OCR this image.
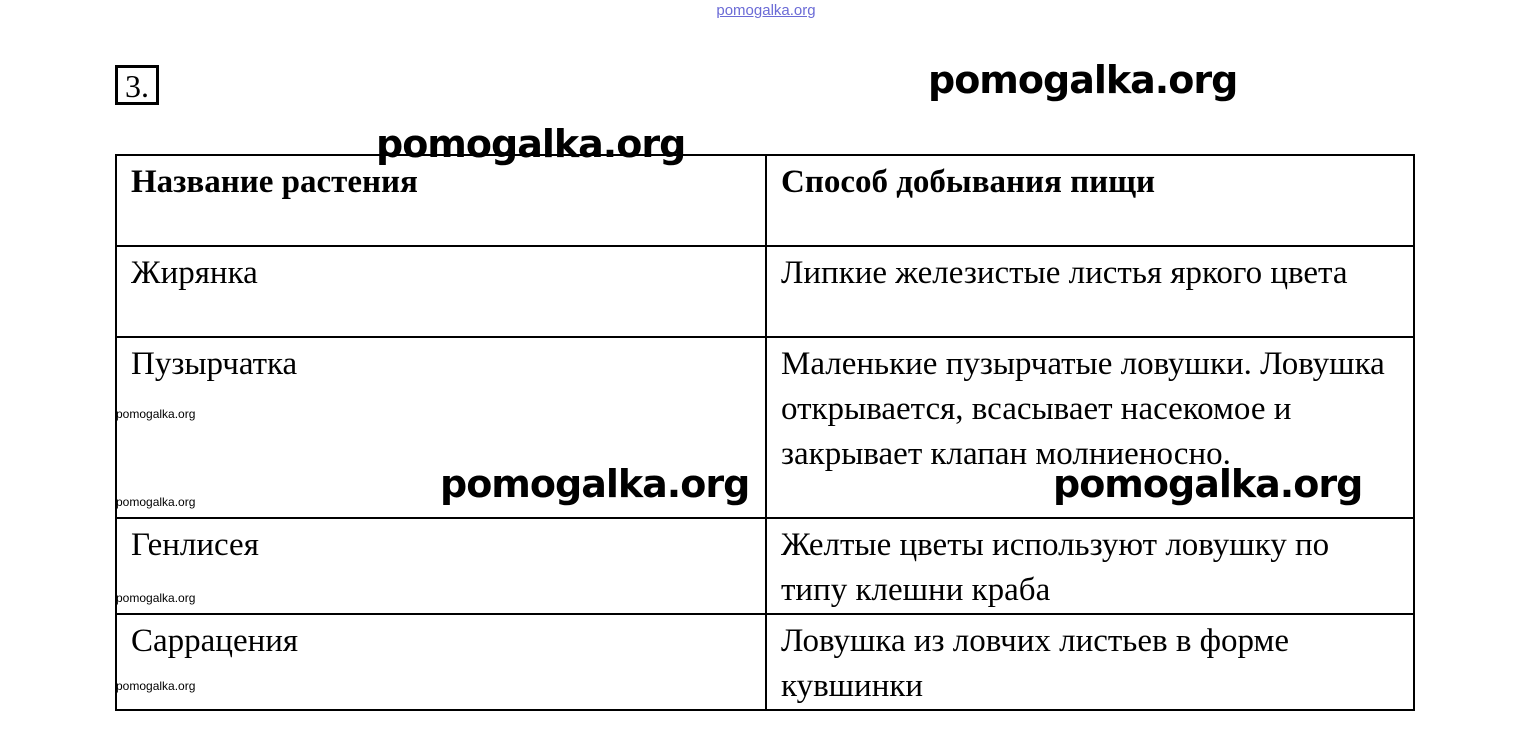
pomogalka.org
3.
Название растения	Способ добывания пищи
Жирянка	Липкие железистые листья яркого цвета
Пузырчатка	Маленькие пузырчатые ловушки. Ловушка открывается, всасывает насекомое и закрывает клапан молниеносно.
Генлисея	Желтые цветы используют ловушку по типу клешни краба
Саррацения	Ловушка из ловчих листьев в форме кувшинки
pomogalka.org
pomogalka.org
pomogalka.org	pomogalka.org
pomogalka.org
pomogalka.org
pomogalka.org
pomogalka.org
